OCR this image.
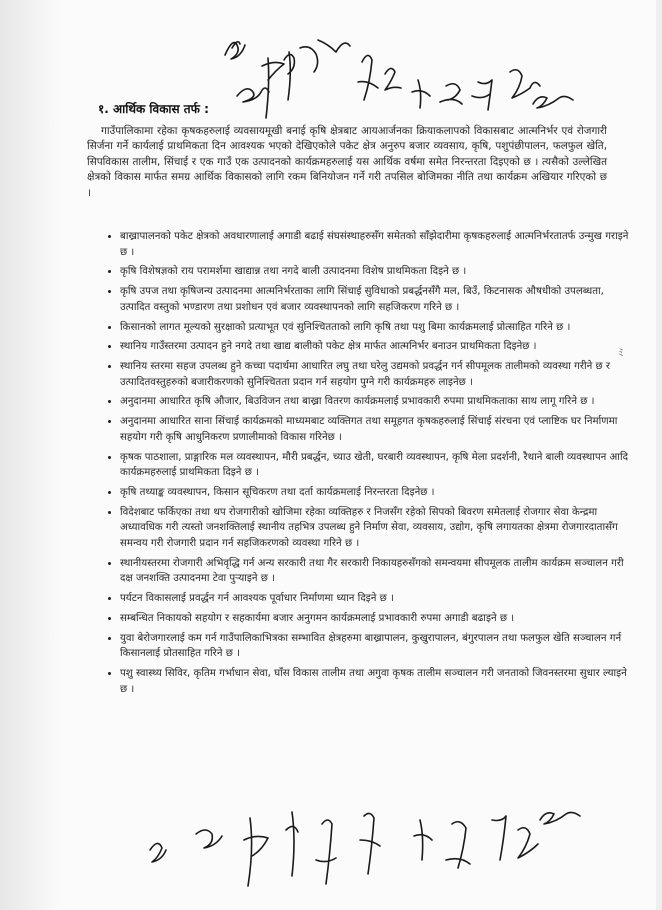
१. आर्थिक विकास तर्फ :
गाउँपालिकामा रहेका कृषकहरुलाई व्यवसायमूखी बनाई कृषि क्षेत्रबाट आयआर्जनका क्रियाकलापको विकासबाट आत्मनिर्भर एवं रोजगारी सिर्जना गर्ने कार्यलाई प्राथमिकता दिन आवश्यक भएको देखिएकोले पकेट क्षेत्र अनुरुप बजार व्यवसाय, कृषि, पशुपंछीपालन, फलफुल खेति, सिपविकास तालीम, सिंचाई र एक गाउँ एक उत्पादनको कार्यक्रमहरुलाई यस आर्थिक वर्षमा समेत निरन्तरता दिइएको छ । त्यसैको उल्लेखित क्षेत्रको विकास मार्फत समग्र आर्थिक विकासको लागि रकम बिनियोजन गर्ने गरी तपसिल बोजिमका नीति तथा कार्यक्रम अखियार गरिएको छ ।
• बाख्रापालनको पकेट क्षेत्रको अवधारणालाई अगाडी बढाई संघसंस्थाहरुसँग समेतको साँझेदारीमा कृषकहरुलाई आत्मनिर्भरतातर्फ उन्मुख गराइने छ ।
• कृषि विशेषज्ञको राय परामर्शमा खाद्यान्न तथा नगदे बाली उत्पादनमा विशेष प्राथमिकता दिइने छ ।
• कृषि उपज तथा कृषिजन्य उत्पादनमा आत्मनिर्भरताका लागि सिंचाई सुविधाको प्रबर्द्धनसँगै मल, बिउँ, किटनासक औषधीको उपलब्धता, उत्पादित वस्तुको भण्डारण तथा प्रशोधन एवं बजार व्यवस्थापनको लागि सहजिकरण गरिने छ ।
• किसानको लागत मूल्यको सुरक्षाको प्रत्याभूत एवं सुनिश्चितताको लागि कृषि तथा पशु बिमा कार्यक्रमलाई प्रोत्साहित गरिने छ ।
• स्थानिय गाउँस्तरमा उत्पादन हुने नगदे तथा खाद्य बालीको पकेट क्षेत्र मार्फत आत्मनिर्भर बनाउन प्राथमिकता दिइनेछ ।
• स्थानिय स्तरमा सहज उपलब्ध हुने कच्चा पदार्थमा आधारित लघु तथा घरेलु उद्यमको प्रवर्द्धन गर्न सीपमूलक तालीमको व्यवस्था गरीने छ र उत्पादितवस्तुहरुको बजारीकरणको सुनिश्चितता प्रदान गर्न सहयोग पुग्ने गरी कार्यक्रमहरु लाइनेछ ।
• अनुदानमा आधारित कृषि औजार, बिउविजन तथा बाख्रा वितरण कार्यक्रमलाई प्रभावकारी रुपमा प्राथमिकताका साथ लागू गरिने छ ।
• अनुदानमा आधारित साना सिंचाई कार्यक्रमको माध्यमबाट व्यक्तिगत तथा समूहगत कृषकहरुलाई सिंचाई संरचना एवं प्लाष्टिक घर निर्माणमा सहयोग गरी कृषि आधुनिकरण प्रणालीमाको विकास गरिनेछ ।
• कृषक पाठशाला, प्राङ्गारिक मल व्यवस्थापन, मौरी प्रबर्द्धन, च्याउ खेती, घरबारी व्यवस्थापन, कृषि मेला प्रदर्शनी, रैथाने बाली व्यवस्थापन आदि कार्यक्रमहरुलाई प्राथमिकता दिइने छ ।
• कृषि तथ्याङ्क व्यवस्थापन, किसान सूचिकरण तथा दर्ता कार्यक्रमलाई निरन्तरता दिइनेछ ।
• विदेशबाट फर्किएका तथा थप रोजगारीको खोजिमा रहेका व्यक्तिहरु र निजसँग रहेको सिपको बिवरण समेतलाई रोजगार सेवा केन्द्रमा अध्यावधिक गरी त्यस्तो जनशक्तिलाई स्थानीय तहभित्र उपलब्ध हुने निर्माण सेवा, व्यवसाय, उद्योग, कृषि लगायतका क्षेत्रमा रोजगारदातासँग समन्वय गरी रोजगारी प्रदान गर्न सहजिकरणको व्यवस्था गरिने छ ।
• स्थानीयस्तरमा रोजगारी अभिवृद्धि गर्न अन्य सरकारी तथा गैर सरकारी निकायहरुसँगको समन्वयमा सीपमूलक तालीम कार्यक्रम सञ्चालन गरी दक्ष जनशक्ति उत्पादनमा टेवा पुऱ्याइने छ ।
• पर्यटन विकासलाई प्रवर्द्धन गर्न आवश्यक पूर्वाधार निर्माणमा ध्यान दिइने छ ।
• सम्बन्धित निकायको सहयोग र सहकार्यमा बजार अनुगमन कार्यक्रमलाई प्रभावकारी रुपमा अगाडी बढाइने छ ।
• युवा बेरोजगारलाई कम गर्न गाउँपालिकाभित्रका सम्भावित क्षेत्रहरुमा बाख्रापालन, कुखुरापालन, बंगुरपालन तथा फलफुल खेति सञ्चालन गर्न किसानलाई प्रोतसाहित गरिने छ ।
• पशु स्वास्थ्य सिविर, कृतिम गर्भाधान सेवा, घाँस विकास तालीम तथा अगुवा कृषक तालीम सञ्चालन गरी जनताको जिवनस्तरमा सुधार ल्याइने छ ।
ﾐ
